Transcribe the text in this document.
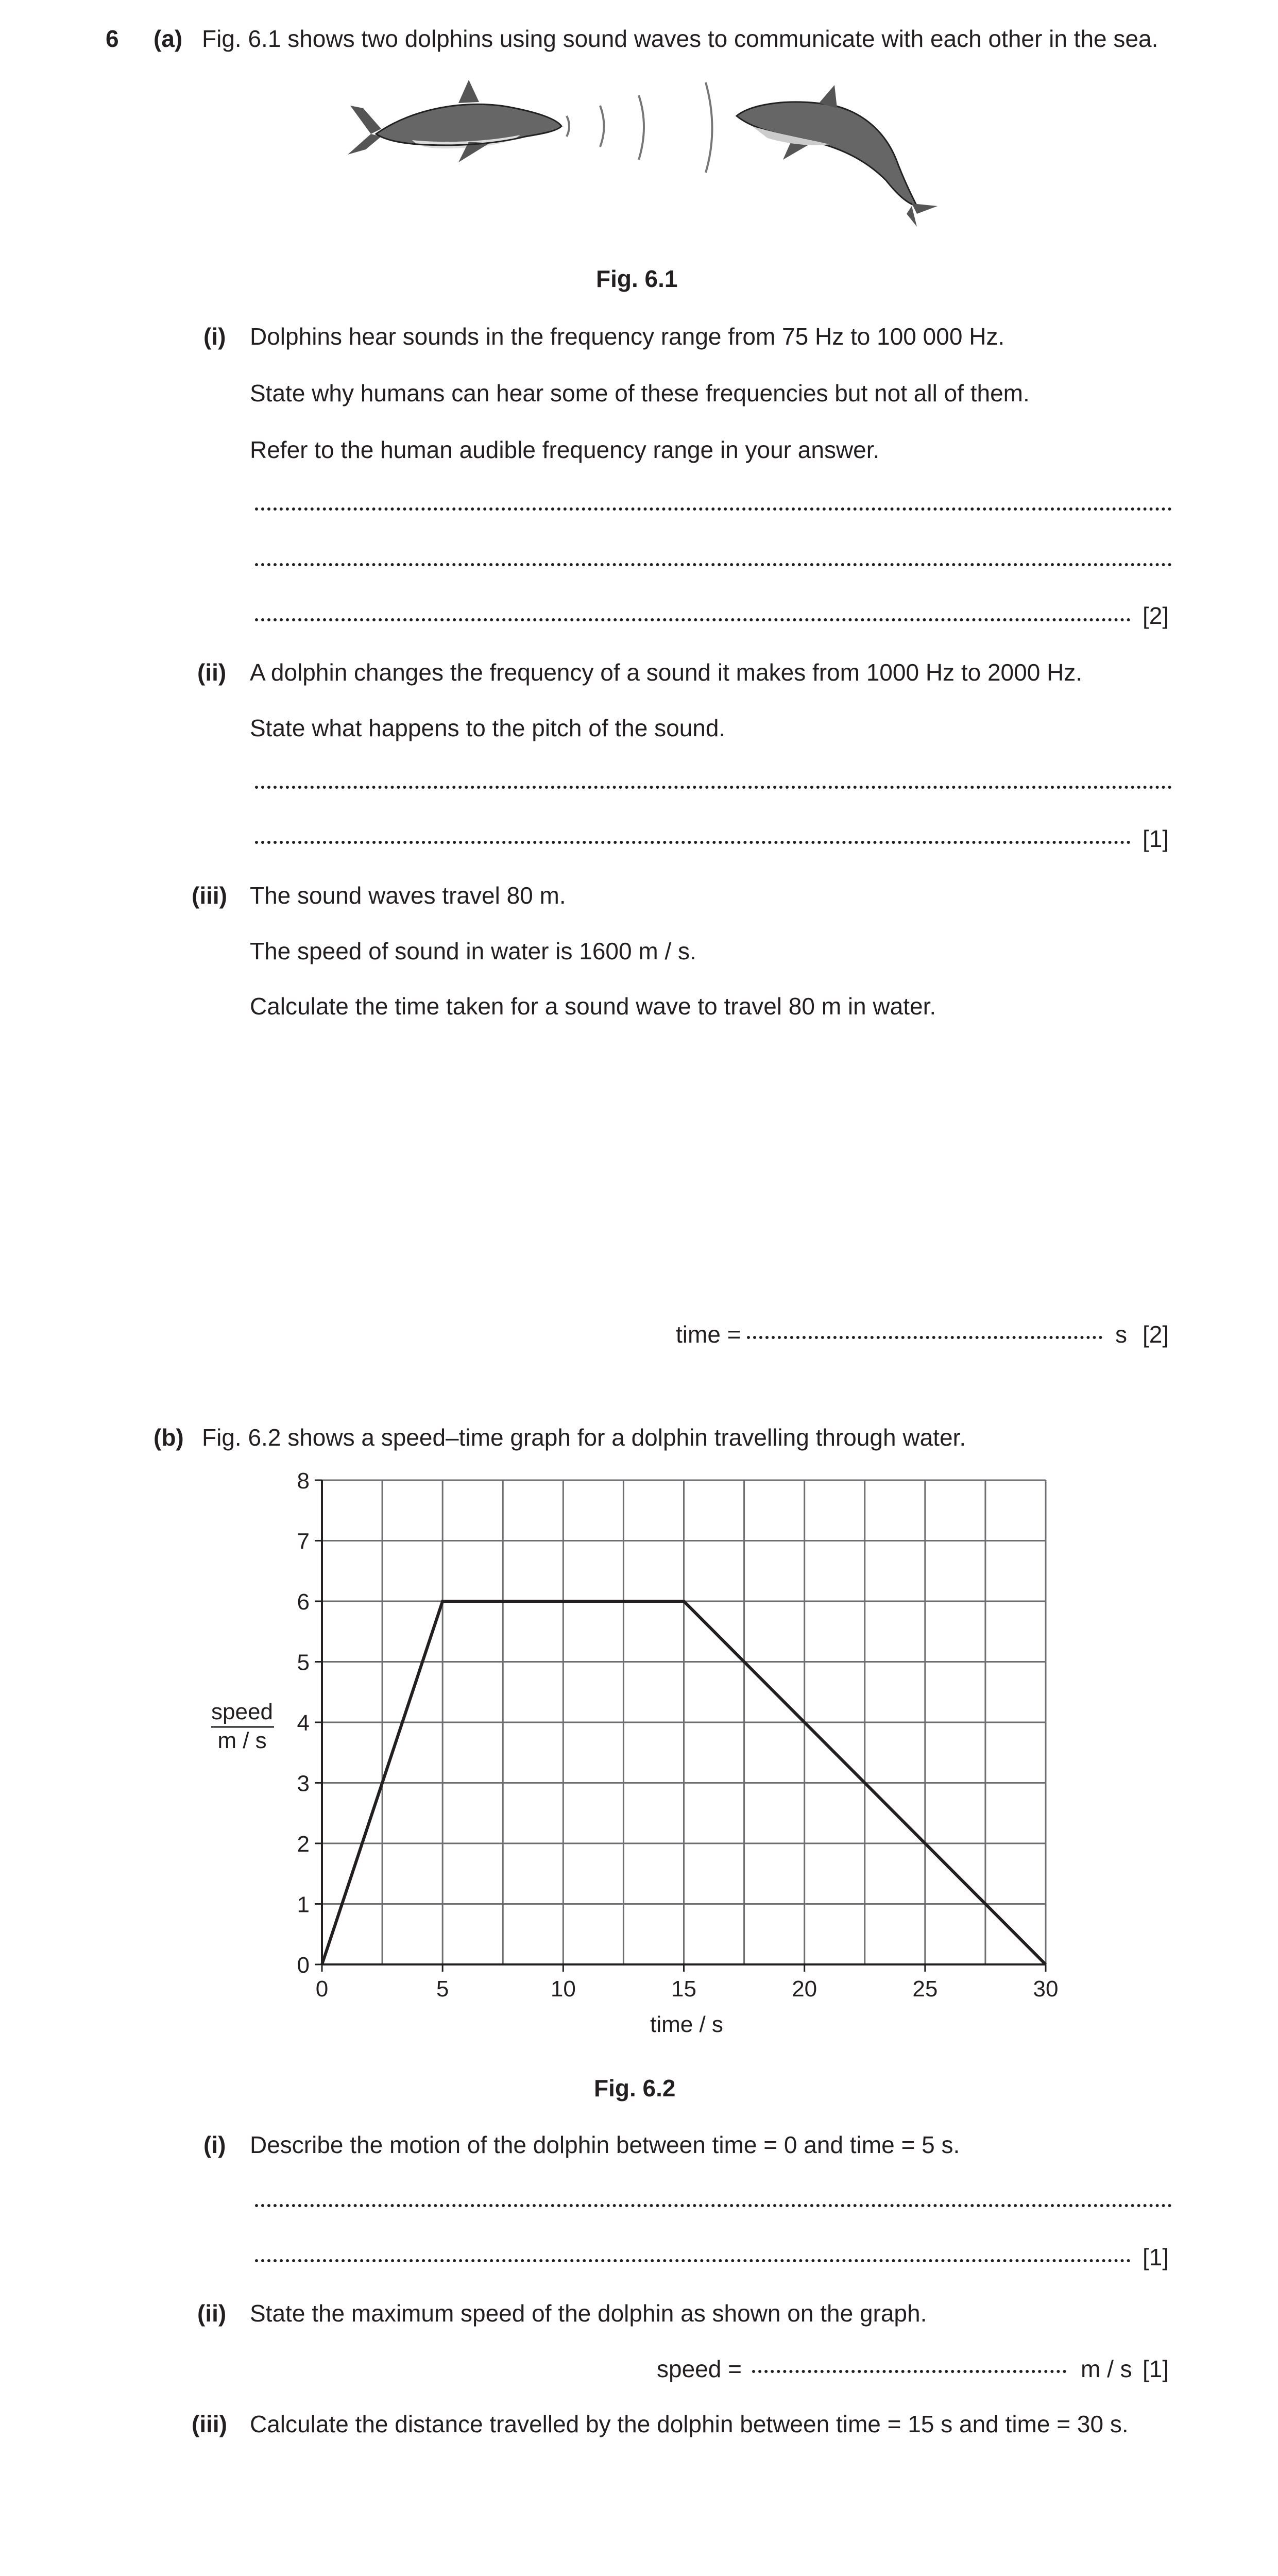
6 (a) Fig. 6.1 shows two dolphins using sound waves to communicate with each other in the sea.
Fig. 6.1
(i) Dolphins hear sounds in the frequency range from 75 Hz to 100 000 Hz.
State why humans can hear some of these frequencies but not all of them.
Refer to the human audible frequency range in your answer.
[2]
(ii) A dolphin changes the frequency of a sound it makes from 1000 Hz to 2000 Hz.
State what happens to the pitch of the sound.
[1]
(iii) The sound waves travel 80 m.
The speed of sound in water is 1600 m / s.
Calculate the time taken for a sound wave to travel 80 m in water.
time =	s [2]
(b) Fig. 6.2 shows a speed–time graph for a dolphin travelling through water.
speed
m / s
time / s
0	5	10	15	20	25	30
0
1
2
3
4
5
6
7
8
Fig. 6.2
(i) Describe the motion of the dolphin between time = 0 and time = 5 s.
[1]
(ii) State the maximum speed of the dolphin as shown on the graph.
speed =	m / s [1]
(iii) Calculate the distance travelled by the dolphin between time = 15 s and time = 30 s.
